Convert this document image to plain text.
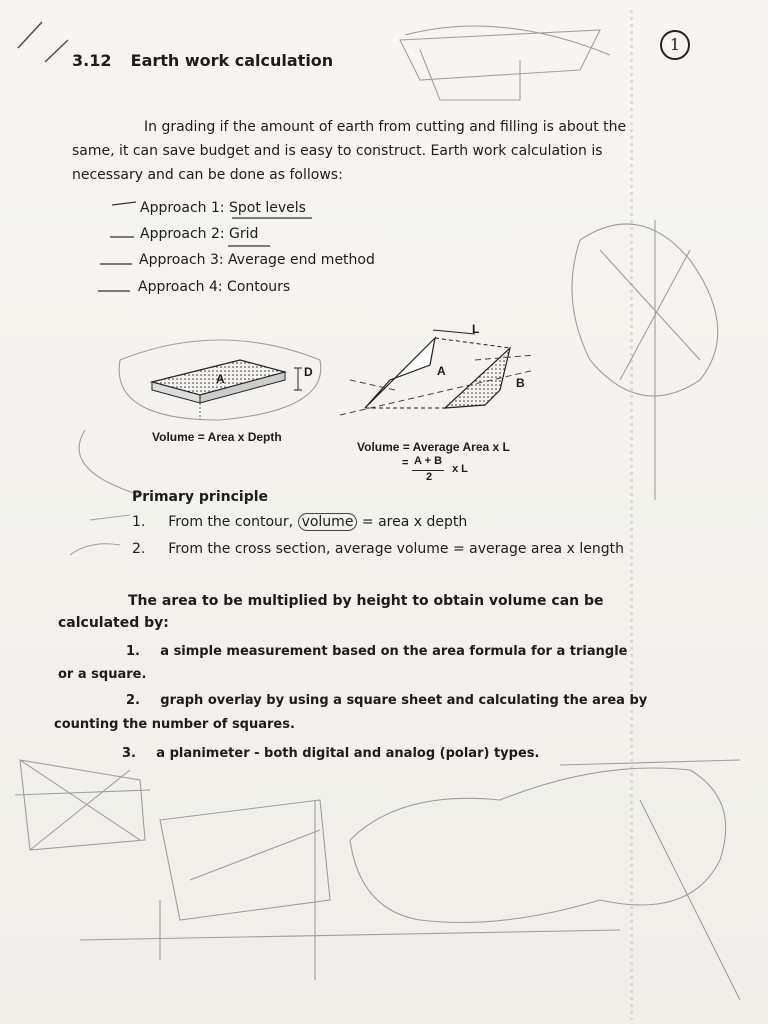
1
3.12 Earth work calculation
In grading if the amount of earth from cutting and filling is about the
same, it can save budget and is easy to construct. Earth work calculation is
necessary and can be done as follows:
Approach 1: Spot levels
Approach 2: Grid
Approach 3: Average end method
Approach 4: Contours
A	D
Volume = Area x Depth
A
B
L
Volume = Average Area x L
= A + B
2
x L
Primary principle
1. From the contour, volume = area x depth
2. From the cross section, average volume = average area x length
The area to be multiplied by height to obtain volume can be
calculated by:
1. a simple measurement based on the area formula for a triangle
or a square.
2. graph overlay by using a square sheet and calculating the area by
counting the number of squares.
3. a planimeter - both digital and analog (polar) types.
